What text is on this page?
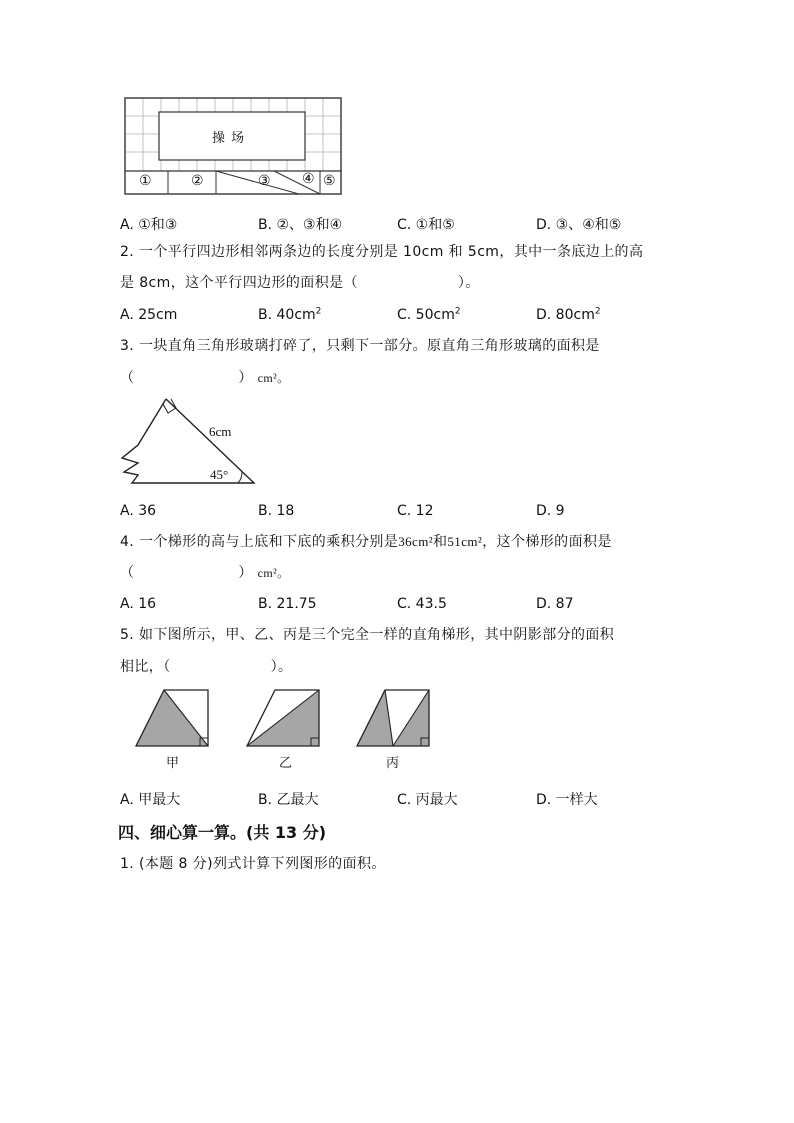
操 场
①	②	③ ④ ⑤
A. ①和③	B. ②、③和④	C. ①和⑤	D. ③、④和⑤
2. 一个平行四边形相邻两条边的长度分别是 10cm 和 5cm，其中一条底边上的高
是 8cm，这个平行四边形的面积是（	）。
A. 25cm	B. $40cm^2$	C. $50cm^2$	D. $80cm^2$
3. 一块直角三角形玻璃打碎了，只剩下一部分。原直角三角形玻璃的面积是
（	） cm²。
6cm
45°
A. 36	B. 18	C. 12	D. 9
4. 一个梯形的高与上底和下底的乘积分别是36cm²和51cm²，这个梯形的面积是
（	） cm²。
A. 16	B. 21.75	C. 43.5	D. 87
5. 如下图所示，甲、乙、丙是三个完全一样的直角梯形，其中阴影部分的面积
相比，（	）。
甲	乙	丙
A. 甲最大	B. 乙最大	C. 丙最大	D. 一样大
四、细心算一算。(共 13 分)
1. (本题 8 分)列式计算下列图形的面积。
